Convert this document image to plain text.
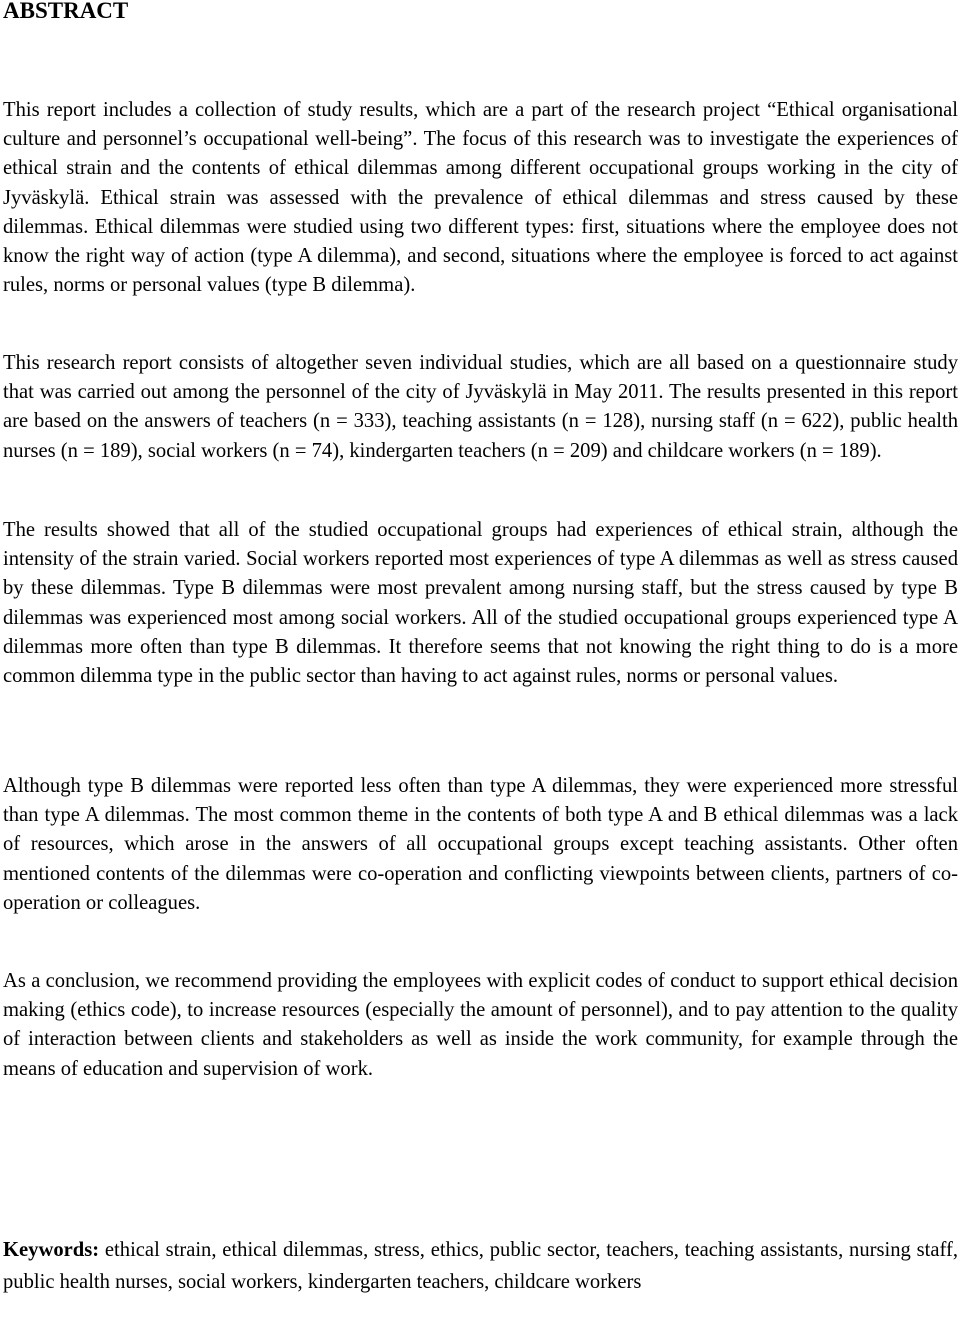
ABSTRACT

This report includes a collection of study results, which are a part of the research project “Ethical organisational culture and personnel’s occupational well-being”. The focus of this research was to investigate the experiences of ethical strain and the contents of ethical dilemmas among different occupational groups working in the city of Jyväskylä. Ethical strain was assessed with the prevalence of ethical dilemmas and stress caused by these dilemmas. Ethical dilemmas were studied using two different types: first, situations where the employee does not know the right way of action (type A dilemma), and second, situations where the employee is forced to act against rules, norms or personal values (type B dilemma).

This research report consists of altogether seven individual studies, which are all based on a questionnaire study that was carried out among the personnel of the city of Jyväskylä in May 2011. The results presented in this report are based on the answers of teachers (n = 333), teaching assistants (n = 128), nursing staff (n = 622), public health nurses (n = 189), social workers (n = 74), kindergarten teachers (n = 209) and childcare workers (n = 189).

The results showed that all of the studied occupational groups had experiences of ethical strain, although the intensity of the strain varied. Social workers reported most experiences of type A dilemmas as well as stress caused by these dilemmas. Type B dilemmas were most prevalent among nursing staff, but the stress caused by type B dilemmas was experienced most among social workers. All of the studied occupational groups experienced type A dilemmas more often than type B dilemmas. It therefore seems that not knowing the right thing to do is a more common dilemma type in the public sector than having to act against rules, norms or personal values.

Although type B dilemmas were reported less often than type A dilemmas, they were experienced more stressful than type A dilemmas. The most common theme in the contents of both type A and B ethical dilemmas was a lack of resources, which arose in the answers of all occupational groups except teaching assistants. Other often mentioned contents of the dilemmas were co-operation and conflicting viewpoints between clients, partners of co-operation or colleagues.

As a conclusion, we recommend providing the employees with explicit codes of conduct to support ethical decision making (ethics code), to increase resources (especially the amount of personnel), and to pay attention to the quality of interaction between clients and stakeholders as well as inside the work community, for example through the means of education and supervision of work.

Keywords: ethical strain, ethical dilemmas, stress, ethics, public sector, teachers, teaching assistants, nursing staff, public health nurses, social workers, kindergarten teachers, childcare workers
